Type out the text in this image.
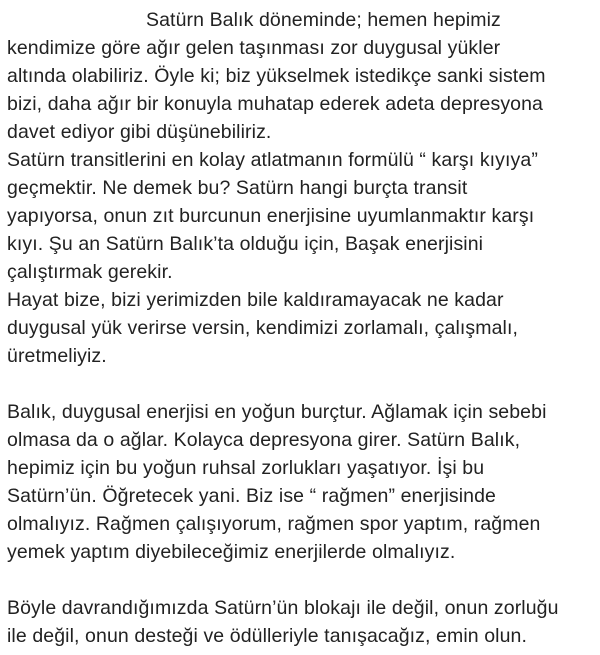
Satürn Balık döneminde; hemen hepimiz
kendimize göre ağır gelen taşınması zor duygusal yükler
altında olabiliriz. Öyle ki; biz yükselmek istedikçe sanki sistem
bizi, daha ağır bir konuyla muhatap ederek adeta depresyona
davet ediyor gibi düşünebiliriz.
Satürn transitlerini en kolay atlatmanın formülü “ karşı kıyıya”
geçmektir. Ne demek bu? Satürn hangi burçta transit
yapıyorsa, onun zıt burcunun enerjisine uyumlanmaktır karşı
kıyı. Şu an Satürn Balık’ta olduğu için, Başak enerjisini
çalıştırmak gerekir.
Hayat bize, bizi yerimizden bile kaldıramayacak ne kadar
duygusal yük verirse versin, kendimizi zorlamalı, çalışmalı,
üretmeliyiz.
Balık, duygusal enerjisi en yoğun burçtur. Ağlamak için sebebi
olmasa da o ağlar. Kolayca depresyona girer. Satürn Balık,
hepimiz için bu yoğun ruhsal zorlukları yaşatıyor. İşi bu
Satürn’ün. Öğretecek yani. Biz ise “ rağmen” enerjisinde
olmalıyız. Rağmen çalışıyorum, rağmen spor yaptım, rağmen
yemek yaptım diyebileceğimiz enerjilerde olmalıyız.
Böyle davrandığımızda Satürn’ün blokajı ile değil, onun zorluğu
ile değil, onun desteği ve ödülleriyle tanışacağız, emin olun.
